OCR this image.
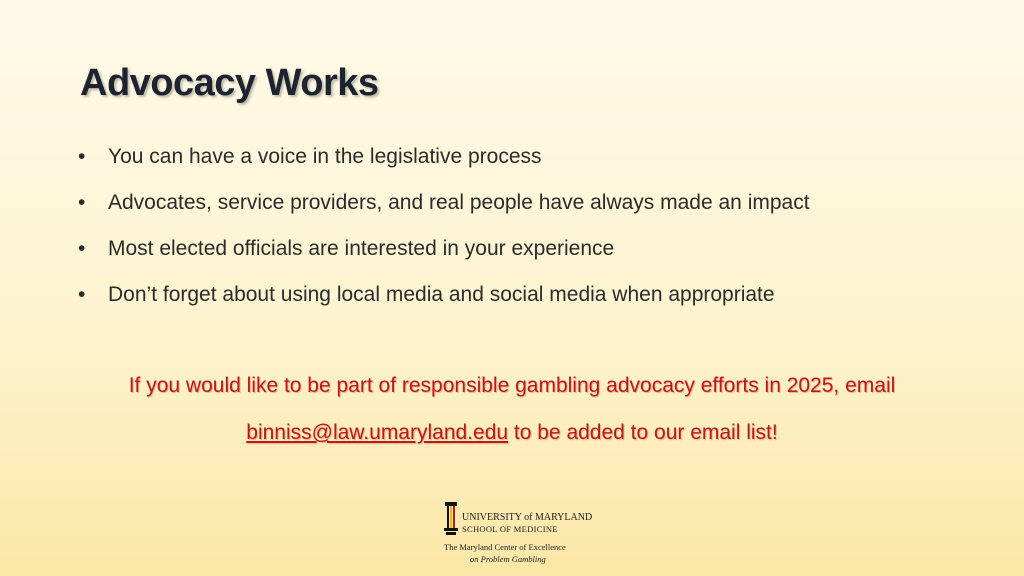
Advocacy Works
•	You can have a voice in the legislative process
•	Advocates, service providers, and real people have always made an impact
•	Most elected officials are interested in your experience
•	Don’t forget about using local media and social media when appropriate
If you would like to be part of responsible gambling advocacy efforts in 2025, email
binniss@law.umaryland.edu to be added to our email list!
UNIVERSITY of MARYLAND
SCHOOL OF MEDICINE
The Maryland Center of Excellence
on Problem Gambling
